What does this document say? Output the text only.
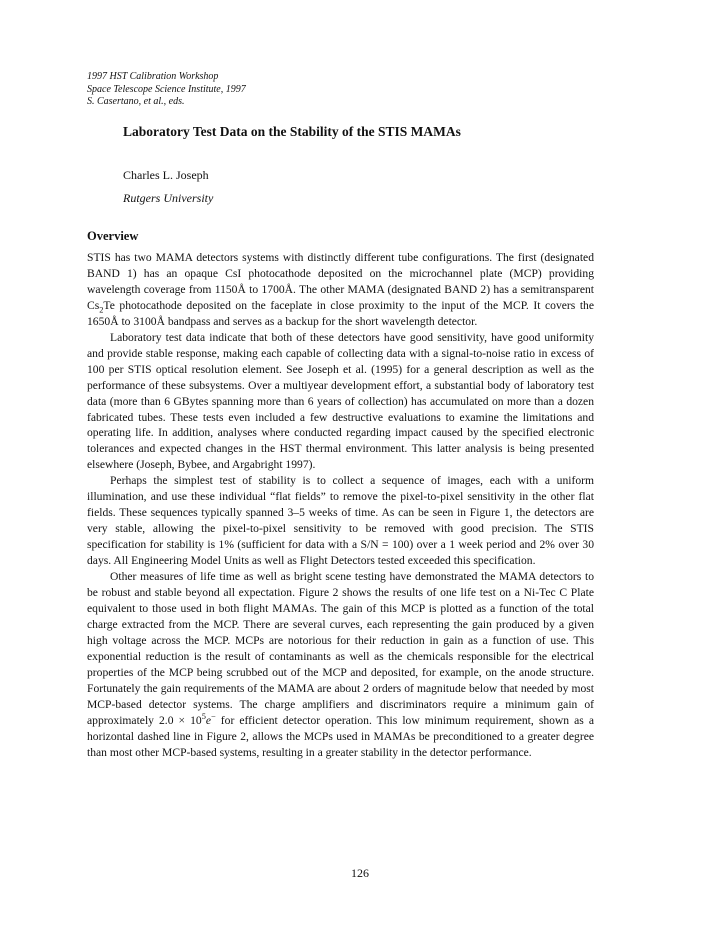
1997 HST Calibration Workshop
Space Telescope Science Institute, 1997
S. Casertano, et al., eds.
Laboratory Test Data on the Stability of the STIS MAMAs
Charles L. Joseph
Rutgers University
Overview

STIS has two MAMA detectors systems with distinctly different tube configurations. The first (designated BAND 1) has an opaque CsI photocathode deposited on the microchannel plate (MCP) providing wavelength coverage from 1150Å to 1700Å. The other MAMA (designated BAND 2) has a semitransparent $Cs_2Te$ photocathode deposited on the faceplate in close proximity to the input of the MCP. It covers the 1650Å to 3100Å bandpass and serves as a backup for the short wavelength detector.

Laboratory test data indicate that both of these detectors have good sensitivity, have good uniformity and provide stable response, making each capable of collecting data with a signal-to-noise ratio in excess of 100 per STIS optical resolution element. See Joseph et al. (1995) for a general description as well as the performance of these subsystems. Over a multiyear development effort, a substantial body of laboratory test data (more than 6 GBytes spanning more than 6 years of collection) has accumulated on more than a dozen fabricated tubes. These tests even included a few destructive evaluations to examine the limitations and operating life. In addition, analyses where conducted regarding impact caused by the specified electronic tolerances and expected changes in the HST thermal environment. This latter analysis is being presented elsewhere (Joseph, Bybee, and Argabright 1997).

Perhaps the simplest test of stability is to collect a sequence of images, each with a uniform illumination, and use these individual “flat fields” to remove the pixel-to-pixel sensitivity in the other flat fields. These sequences typically spanned 3–5 weeks of time. As can be seen in Figure 1, the detectors are very stable, allowing the pixel-to-pixel sensitivity to be removed with good precision. The STIS specification for stability is 1% (sufficient for data with a S/N = 100) over a 1 week period and 2% over 30 days. All Engineering Model Units as well as Flight Detectors tested exceeded this specification.

Other measures of life time as well as bright scene testing have demonstrated the MAMA detectors to be robust and stable beyond all expectation. Figure 2 shows the results of one life test on a Ni-Tec C Plate equivalent to those used in both flight MAMAs. The gain of this MCP is plotted as a function of the total charge extracted from the MCP. There are several curves, each representing the gain produced by a given high voltage across the MCP. MCPs are notorious for their reduction in gain as a function of use. This exponential reduction is the result of contaminants as well as the chemicals responsible for the electrical properties of the MCP being scrubbed out of the MCP and deposited, for example, on the anode structure. Fortunately the gain requirements of the MAMA are about 2 orders of magnitude below that needed by most MCP-based detector systems. The charge amplifiers and discriminators require a minimum gain of approximately $2.0 \times 10^5e^-$ for efficient detector operation. This low minimum requirement, shown as a horizontal dashed line in Figure 2, allows the MCPs used in MAMAs be preconditioned to a greater degree than most other MCP-based systems, resulting in a greater stability in the detector performance.

126
